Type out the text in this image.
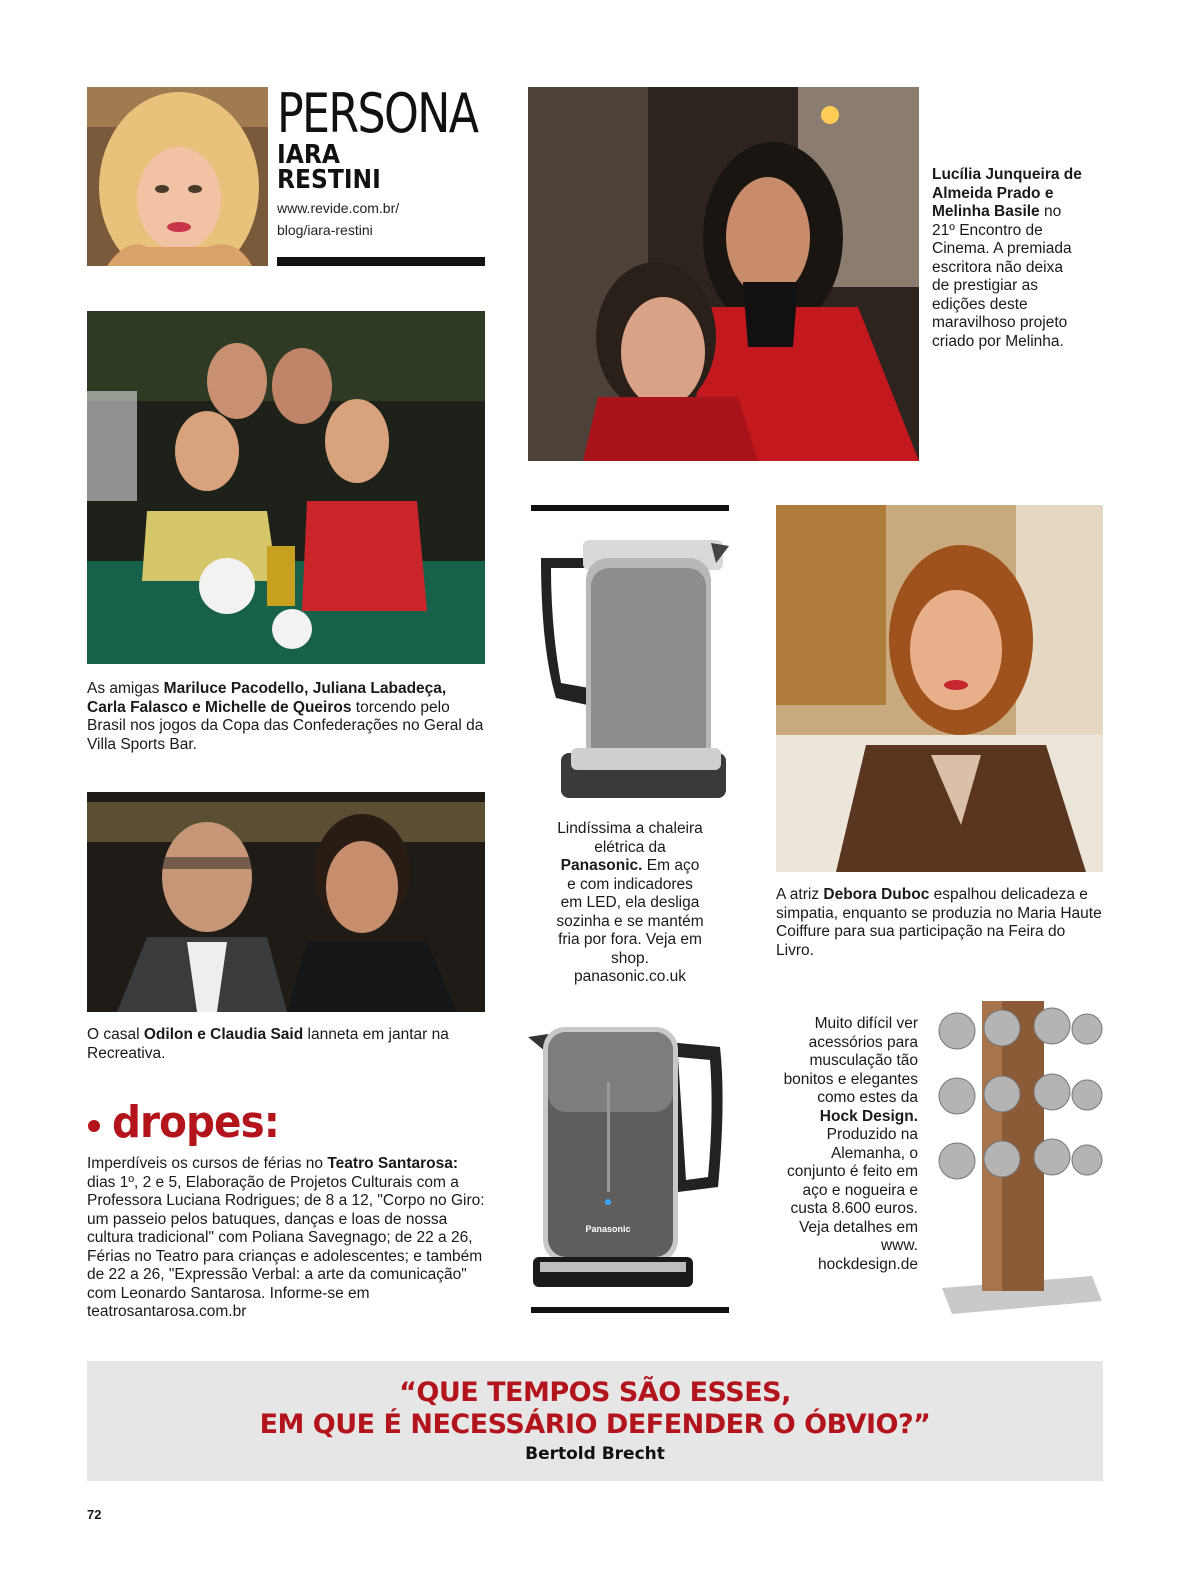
PERSONA
IARA
RESTINI
www.revide.com.br/
blog/iara-restini
Lucília Junqueira de Almeida Prado e Melinha Basile no 21º Encontro de Cinema. A premiada escritora não deixa de prestigiar as edições deste maravilhoso projeto criado por Melinha.
As amigas Mariluce Pacodello, Juliana Labadeça, Carla Falasco e Michelle de Queiros torcendo pelo Brasil nos jogos da Copa das Confederações no Geral da Villa Sports Bar.
Lindíssima a chaleira elétrica da Panasonic. Em aço e com indicadores em LED, ela desliga sozinha e se mantém fria por fora. Veja em shop. panasonic.co.uk
A atriz Debora Duboc espalhou delicadeza e simpatia, enquanto se produzia no Maria Haute Coiffure para sua participação na Feira do Livro.
O casal Odilon e Claudia Said lanneta em jantar na Recreativa.
Panasonic
Muito difícil ver acessórios para musculação tão bonitos e elegantes como estes da Hock Design. Produzido na Alemanha, o conjunto é feito em aço e nogueira e custa 8.600 euros. Veja detalhes em www. hockdesign.de
dropes:
Imperdíveis os cursos de férias no Teatro Santarosa: dias 1º, 2 e 5, Elaboração de Projetos Culturais com a Professora Luciana Rodrigues; de 8 a 12, "Corpo no Giro: um passeio pelos batuques, danças e loas de nossa cultura tradicional" com Poliana Savegnago; de 22 a 26, Férias no Teatro para crianças e adolescentes; e também de 22 a 26, "Expressão Verbal: a arte da comunicação" com Leonardo Santarosa. Informe-se em teatrosantarosa.com.br
“QUE TEMPOS SÃO ESSES,
EM QUE É NECESSÁRIO DEFENDER O ÓBVIO?”
Bertold Brecht
72
